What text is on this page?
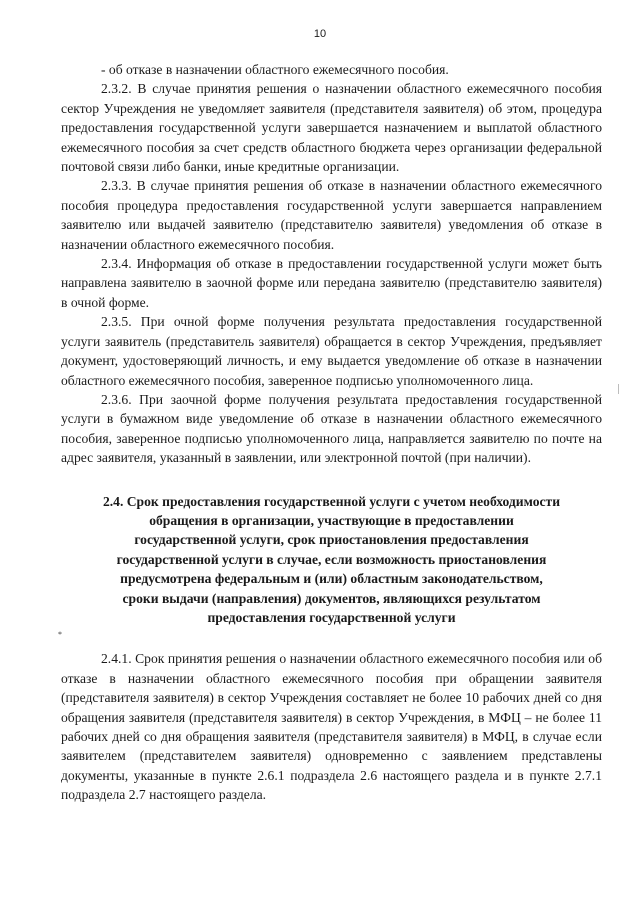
10

- об отказе в назначении областного ежемесячного пособия.

2.3.2. В случае принятия решения о назначении областного ежемесячного пособия сектор Учреждения не уведомляет заявителя (представителя заявителя) об этом, процедура предоставления государственной услуги завершается назначением и выплатой областного ежемесячного пособия за счет средств областного бюджета через организации федеральной почтовой связи либо банки, иные кредитные организации.

2.3.3. В случае принятия решения об отказе в назначении областного ежемесячного пособия процедура предоставления государственной услуги завершается направлением заявителю или выдачей заявителю (представителю заявителя) уведомления об отказе в назначении областного ежемесячного пособия.

2.3.4. Информация об отказе в предоставлении государственной услуги может быть направлена заявителю в заочной форме или передана заявителю (представителю заявителя) в очной форме.

2.3.5. При очной форме получения результата предоставления государственной услуги заявитель (представитель заявителя) обращается в сектор Учреждения, предъявляет документ, удостоверяющий личность, и ему выдается уведомление об отказе в назначении областного ежемесячного пособия, заверенное подписью уполномоченного лица.

2.3.6. При заочной форме получения результата предоставления государственной услуги в бумажном виде уведомление об отказе в назначении областного ежемесячного пособия, заверенное подписью уполномоченного лица, направляется заявителю по почте на адрес заявителя, указанный в заявлении, или электронной почтой (при наличии).

2.4. Срок предоставления государственной услуги с учетом необходимости обращения в организации, участвующие в предоставлении государственной услуги, срок приостановления предоставления государственной услуги в случае, если возможность приостановления предусмотрена федеральным и (или) областным законодательством, сроки выдачи (направления) документов, являющихся результатом предоставления государственной услуги

2.4.1. Срок принятия решения о назначении областного ежемесячного пособия или об отказе в назначении областного ежемесячного пособия при обращении заявителя (представителя заявителя) в сектор Учреждения составляет не более 10 рабочих дней со дня обращения заявителя (представителя заявителя) в сектор Учреждения, в МФЦ – не более 11 рабочих дней со дня обращения заявителя (представителя заявителя) в МФЦ, в случае если заявителем (представителем заявителя) одновременно с заявлением представлены документы, указанные в пункте 2.6.1 подраздела 2.6 настоящего раздела и в пункте 2.7.1 подраздела 2.7 настоящего раздела.

*
